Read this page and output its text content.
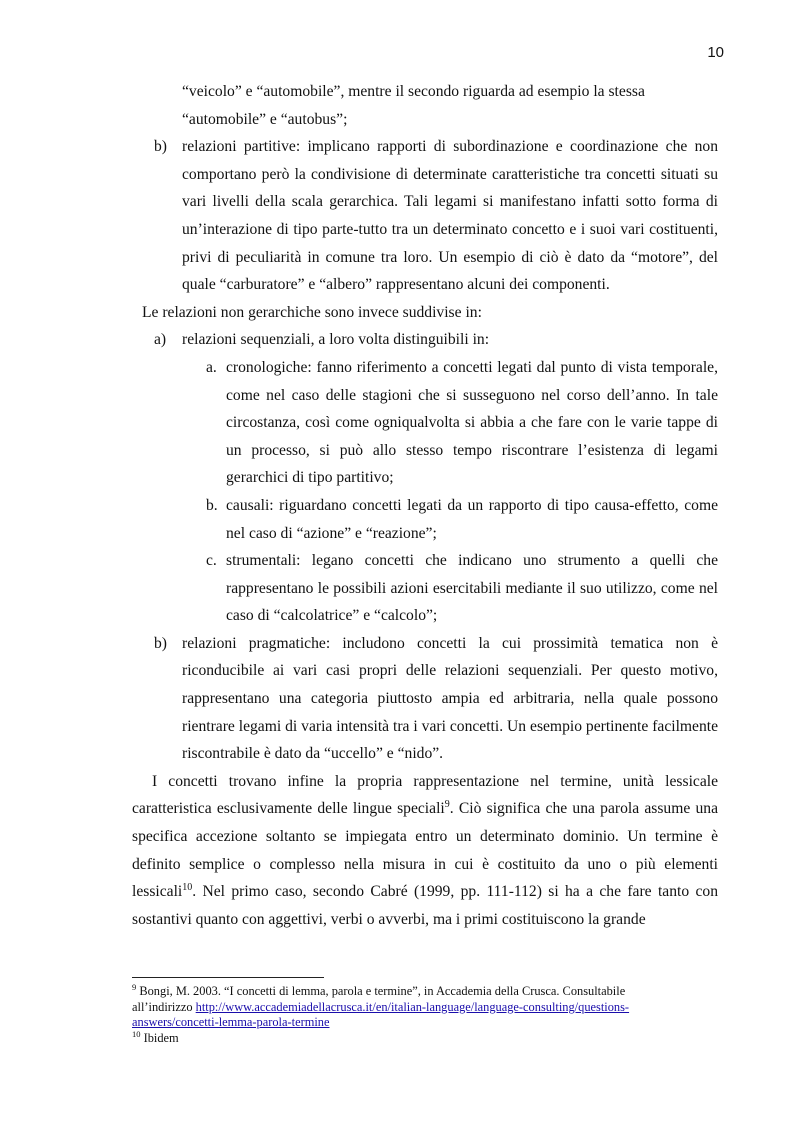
10

“veicolo” e “automobile”, mentre il secondo riguarda ad esempio la stessa

“automobile” e “autobus”;

b) relazioni partitive: implicano rapporti di subordinazione e coordinazione che non comportano però la condivisione di determinate caratteristiche tra concetti situati su vari livelli della scala gerarchica. Tali legami si manifestano infatti sotto forma di un’interazione di tipo parte-tutto tra un determinato concetto e i suoi vari costituenti, privi di peculiarità in comune tra loro. Un esempio di ciò è dato da “motore”, del quale “carburatore” e “albero” rappresentano alcuni dei componenti.

Le relazioni non gerarchiche sono invece suddivise in:

a)	relazioni sequenziali, a loro volta distinguibili in:
a. cronologiche: fanno riferimento a concetti legati dal punto di vista temporale, come nel caso delle stagioni che si susseguono nel corso dell’anno. In tale circostanza, così come ogniqualvolta si abbia a che fare con le varie tappe di un processo, si può allo stesso tempo riscontrare l’esistenza di legami gerarchici di tipo partitivo;
b. causali: riguardano concetti legati da un rapporto di tipo causa-effetto, come nel caso di “azione” e “reazione”;
c. strumentali: legano concetti che indicano uno strumento a quelli che rappresentano le possibili azioni esercitabili mediante il suo utilizzo, come nel caso di “calcolatrice” e “calcolo”;
b) relazioni pragmatiche: includono concetti la cui prossimità tematica non è riconducibile ai vari casi propri delle relazioni sequenziali. Per questo motivo, rappresentano una categoria piuttosto ampia ed arbitraria, nella quale possono rientrare legami di varia intensità tra i vari concetti. Un esempio pertinente facilmente riscontrabile è dato da “uccello” e “nido”.

I concetti trovano infine la propria rappresentazione nel termine, unità lessicale caratteristica esclusivamente delle lingue speciali$^9$. Ciò significa che una parola assume una specifica accezione soltanto se impiegata entro un determinato dominio. Un termine è definito semplice o complesso nella misura in cui è costituito da uno o più elementi lessicali$^{10}$. Nel primo caso, secondo Cabré (1999, pp. 111-112) si ha a che fare tanto con sostantivi quanto con aggettivi, verbi o avverbi, ma i primi costituiscono la grande

$^9$ Bongi, M. 2003. “I concetti di lemma, parola e termine”, in Accademia della Crusca. Consultabile

all’indirizzo http://www.accademiadellacrusca.it/en/italian-language/language-consulting/questions-

answers/concetti-lemma-parola-termine

$^{10}$ Ibidem
